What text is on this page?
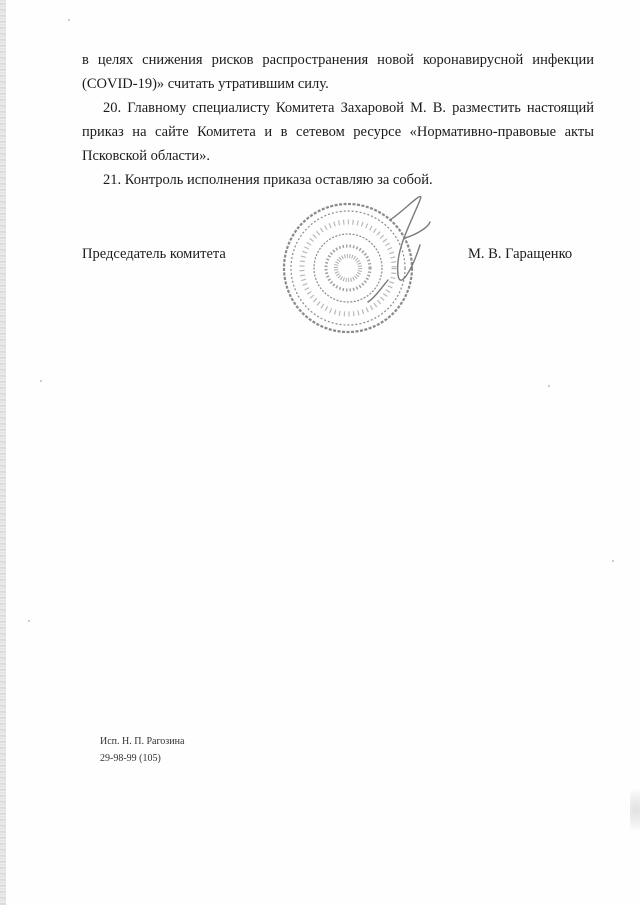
в целях снижения рисков распространения новой коронавирусной инфекции (COVID-19)» считать утратившим силу.

20. Главному специалисту Комитета Захаровой М. В. разместить настоящий приказ на сайте Комитета и в сетевом ресурсе «Нормативно-правовые акты Псковской области».

21. Контроль исполнения приказа оставляю за собой.

Председатель комитета	М. В. Гаращенко
Исп. Н. П. Рагозина
29-98-99 (105)
